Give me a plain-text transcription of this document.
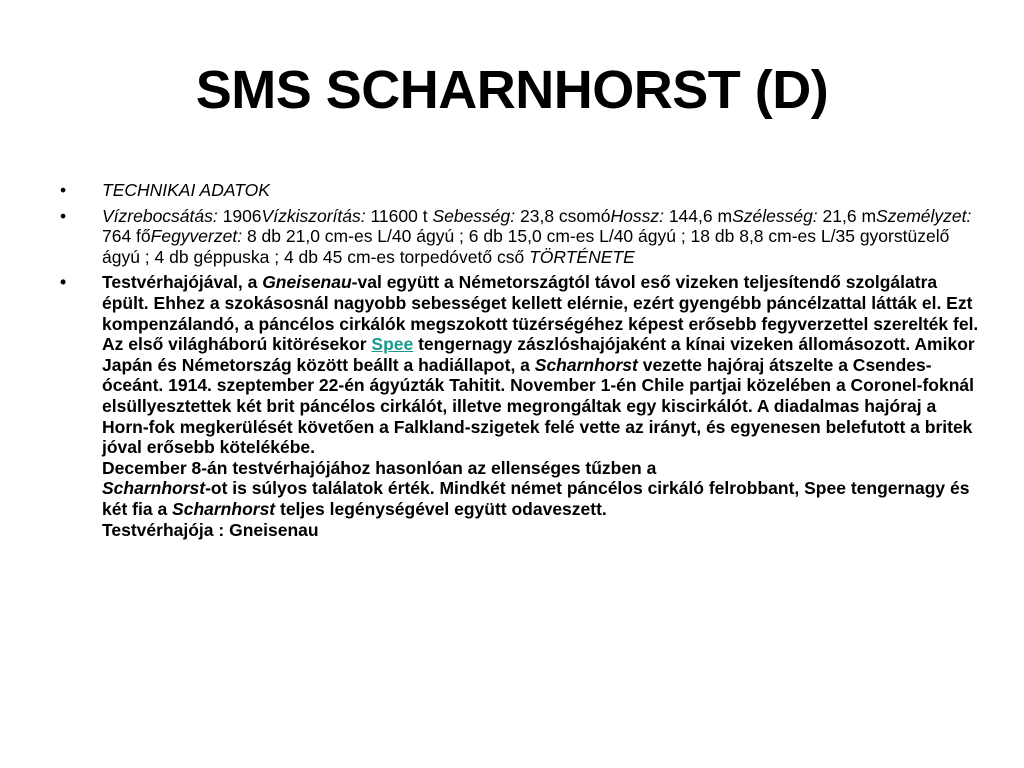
SMS SCHARNHORST (D)
• TECHNIKAI ADATOK
• Vízrebocsátás: 1906Vízkiszorítás: 11600 t Sebesség: 23,8 csomóHossz: 144,6 mSzélesség: 21,6 mSzemélyzet: 764 főFegyverzet: 8 db 21,0 cm-es L/40 ágyú ; 6 db 15,0 cm-es L/40 ágyú ; 18 db 8,8 cm-es L/35 gyorstüzelő ágyú ; 4 db géppuska ; 4 db 45 cm-es torpedóvető cső TÖRTÉNETE
• Testvérhajójával, a Gneisenau-val együtt a Németországtól távol eső vizeken teljesítendő szolgálatra épült. Ehhez a szokásosnál nagyobb sebességet kellett elérnie, ezért gyengébb páncélzattal látták el. Ezt kompenzálandó, a páncélos cirkálók megszokott tüzérségéhez képest erősebb fegyverzettel szerelték fel.
Az első világháború kitörésekor Spee tengernagy zászlóshajójaként a kínai vizeken állomásozott. Amikor Japán és Németország között beállt a hadiállapot, a Scharnhorst vezette hajóraj átszelte a Csendes-óceánt. 1914. szeptember 22-én ágyúzták Tahitit. November 1-én Chile partjai közelében a Coronel-foknál elsüllyesztettek két brit páncélos cirkálót, illetve megrongáltak egy kiscirkálót. A diadalmas hajóraj a Horn-fok megkerülését követően a Falkland-szigetek felé vette az irányt, és egyenesen belefutott a britek jóval erősebb kötelékébe.
December 8-án testvérhajójához hasonlóan az ellenséges tűzben a
Scharnhorst-ot is súlyos találatok érték. Mindkét német páncélos cirkáló felrobbant, Spee tengernagy és két fia a Scharnhorst teljes legénységével együtt odaveszett.
Testvérhajója : Gneisenau
